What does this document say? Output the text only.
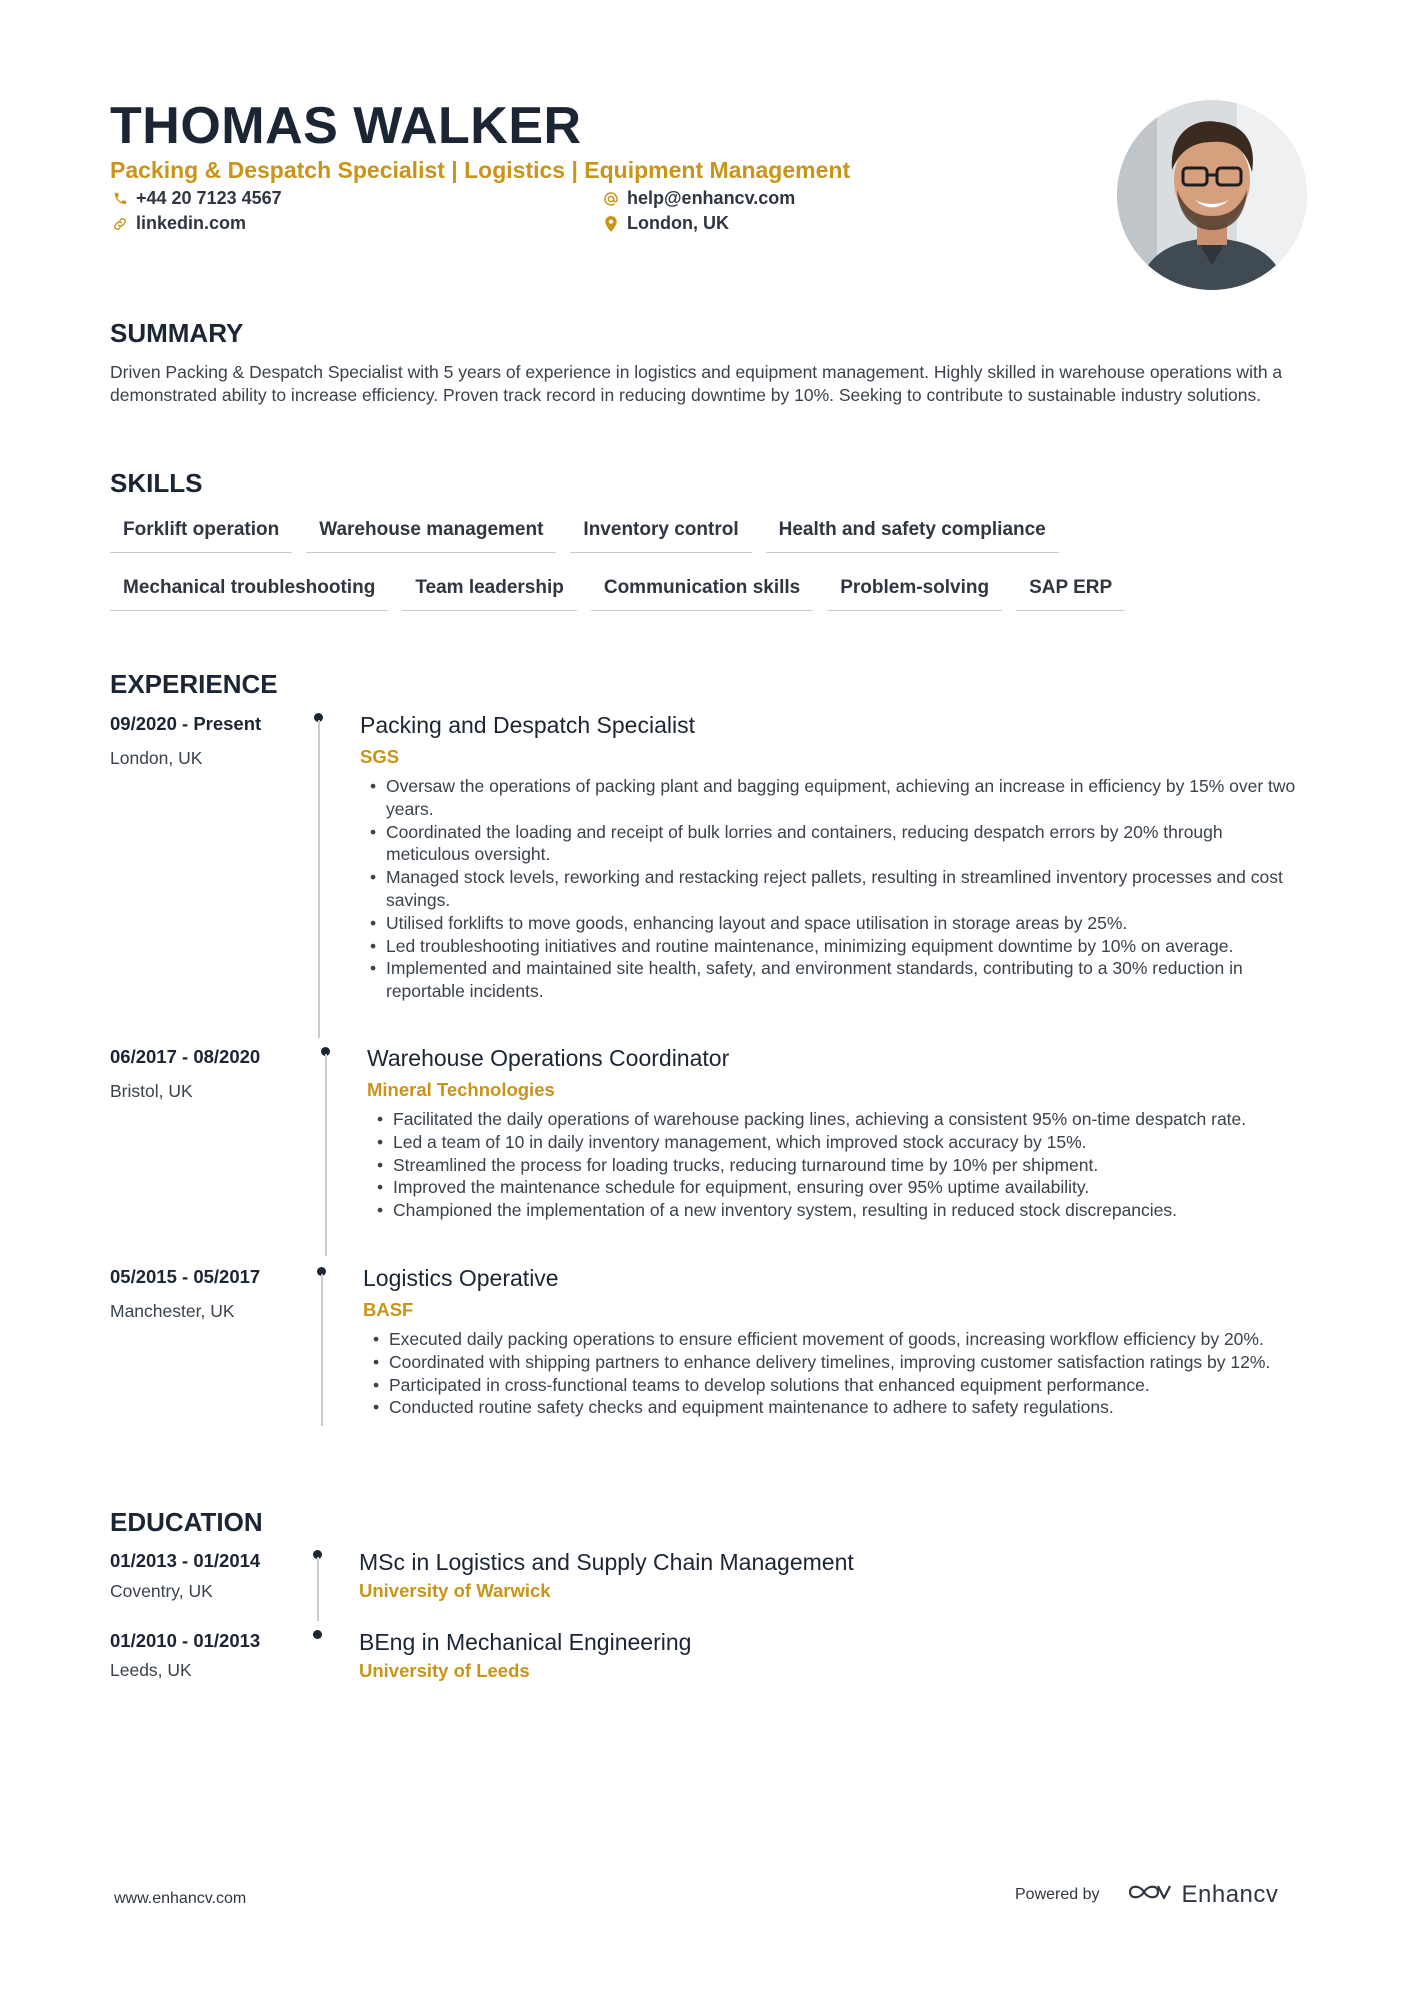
THOMAS WALKER
Packing & Despatch Specialist | Logistics | Equipment Management
+44 20 7123 4567	help@enhancv.com
linkedin.com	London, UK
SUMMARY
Driven Packing & Despatch Specialist with 5 years of experience in logistics and equipment management. Highly skilled in warehouse operations with a demonstrated ability to increase efficiency. Proven track record in reducing downtime by 10%. Seeking to contribute to sustainable industry solutions.
SKILLS
Forklift operation	Warehouse management	Inventory control	Health and safety compliance
Mechanical troubleshooting	Team leadership	Communication skills	Problem-solving	SAP ERP
EXPERIENCE
09/2020 - Present
London, UK
Packing and Despatch Specialist
SGS
• Oversaw the operations of packing plant and bagging equipment, achieving an increase in efficiency by 15% over two years.
• Coordinated the loading and receipt of bulk lorries and containers, reducing despatch errors by 20% through meticulous oversight.
• Managed stock levels, reworking and restacking reject pallets, resulting in streamlined inventory processes and cost savings.
• Utilised forklifts to move goods, enhancing layout and space utilisation in storage areas by 25%.
• Led troubleshooting initiatives and routine maintenance, minimizing equipment downtime by 10% on average.
• Implemented and maintained site health, safety, and environment standards, contributing to a 30% reduction in reportable incidents.
06/2017 - 08/2020
Bristol, UK
Warehouse Operations Coordinator
Mineral Technologies
• Facilitated the daily operations of warehouse packing lines, achieving a consistent 95% on-time despatch rate.
• Led a team of 10 in daily inventory management, which improved stock accuracy by 15%.
• Streamlined the process for loading trucks, reducing turnaround time by 10% per shipment.
• Improved the maintenance schedule for equipment, ensuring over 95% uptime availability.
• Championed the implementation of a new inventory system, resulting in reduced stock discrepancies.
05/2015 - 05/2017
Manchester, UK
Logistics Operative
BASF
• Executed daily packing operations to ensure efficient movement of goods, increasing workflow efficiency by 20%.
• Coordinated with shipping partners to enhance delivery timelines, improving customer satisfaction ratings by 12%.
• Participated in cross-functional teams to develop solutions that enhanced equipment performance.
• Conducted routine safety checks and equipment maintenance to adhere to safety regulations.
EDUCATION
01/2013 - 01/2014
Coventry, UK
MSc in Logistics and Supply Chain Management
University of Warwick
01/2010 - 01/2013
Leeds, UK
BEng in Mechanical Engineering
University of Leeds
www.enhancv.com	Powered by	Enhancv
